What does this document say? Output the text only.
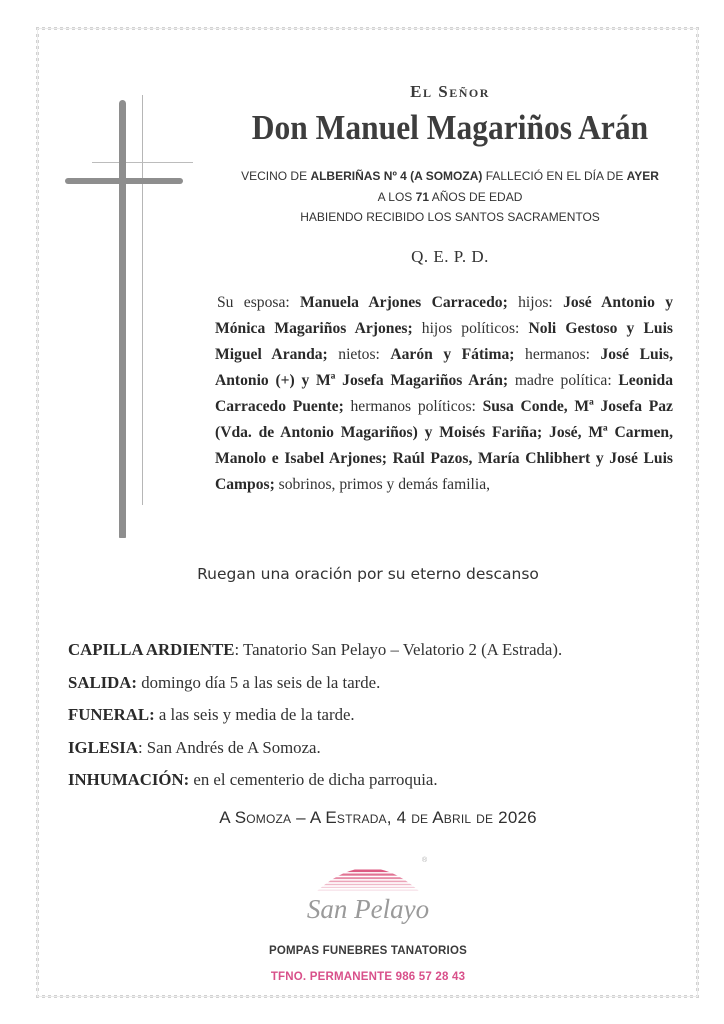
El Señor
Don Manuel Magariños Arán
VECINO DE ALBERIÑAS Nº 4 (A SOMOZA) FALLECIÓ EN EL DÍA DE AYER
A LOS 71 AÑOS DE EDAD
HABIENDO RECIBIDO LOS SANTOS SACRAMENTOS
Q. E. P. D.
Su esposa: Manuela Arjones Carracedo; hijos: José Antonio y Mónica Magariños Arjones; hijos políticos: Noli Gestoso y Luis Miguel Aranda; nietos: Aarón y Fátima; hermanos: José Luis, Antonio (+) y Mª Josefa Magariños Arán; madre política: Leonida Carracedo Puente; hermanos políticos: Susa Conde, Mª Josefa Paz (Vda. de Antonio Magariños) y Moisés Fariña; José, Mª Carmen, Manolo e Isabel Arjones; Raúl Pazos, María Chlibhert y José Luis Campos; sobrinos, primos y demás familia,
Ruegan una oración por su eterno descanso
CAPILLA ARDIENTE: Tanatorio San Pelayo – Velatorio 2 (A Estrada).
SALIDA: domingo día 5 a las seis de la tarde.
FUNERAL: a las seis y media de la tarde.
IGLESIA: San Andrés de A Somoza.
INHUMACIÓN: en el cementerio de dicha parroquia.
A Somoza – A Estrada, 4 de Abril de 2026
®
San Pelayo
POMPAS FUNEBRES TANATORIOS
TFNO. PERMANENTE 986 57 28 43
